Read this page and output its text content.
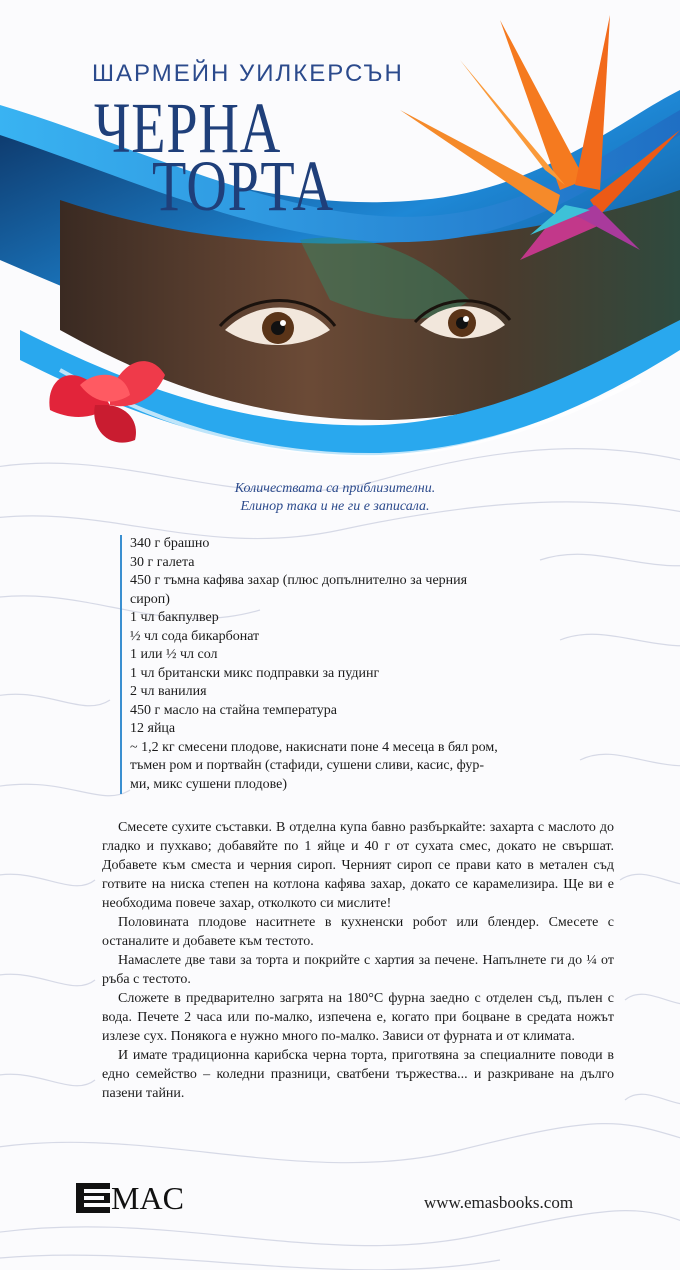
ШАРМЕЙН УИЛКЕРСЪН
ЧЕРНА
ТОРТА
Количествата са приблизителни.
Елинор така и не ги е записала.
340 г брашно
30 г галета
450 г тъмна кафява захар (плюс допълнително за черния
сироп)
1 чл бакпулвер
½ чл сода бикарбонат
1 или ½ чл сол
1 чл британски микс подправки за пудинг
2 чл ванилия
450 г масло на стайна температура
12 яйца
~ 1,2 кг смесени плодове, накиснати поне 4 месеца в бял ром,
тъмен ром и портвайн (стафиди, сушени сливи, касис, фур-
ми, микс сушени плодове)

Смесете сухите съставки. В отделна купа бавно разбъркайте: захарта с маслото до гладко и пухкаво; добавяйте по 1 яйце и 40 г от сухата смес, докато не свършат. Добавете към сместа и черния сироп. Черният сироп се прави като в метален съд готвите на ниска степен на котлона кафява захар, докато се карамелизира. Ще ви е необходима повече захар, отколкото си мислите!

Половината плодове наситнете в кухненски робот или блендер. Смесете с останалите и добавете към тестото.

Намаслете две тави за торта и покрийте с хартия за печене. Напълнете ги до ¼ от ръба с тестото.

Сложете в предварително загрята на 180°C фурна заедно с отделен съд, пълен с вода. Печете 2 часа или по-малко, изпечена е, когато при боцване в средата ножът излезе сух. Понякога е нужно много по-малко. Зависи от фурната и от климата.

И имате традиционна карибска черна торта, приготвяна за специалните поводи в едно семейство – коледни празници, сватбени тържества... и разкриване на дълго пазени тайни.

MAC	www.emasbooks.com
